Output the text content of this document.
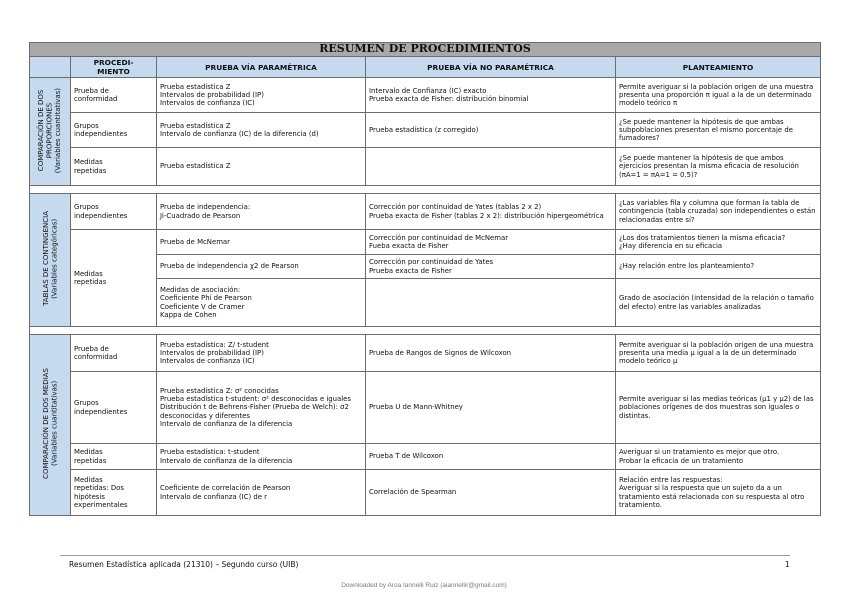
RESUMEN DE PROCEDIMIENTOS				
	PROCEDI-
MIENTO	PRUEBA VÍA PARAMÉTRICA	PRUEBA VÍA NO PARAMÉTRICA	PLANTEAMIENTO
COMPARACIÓN DE DOS
PROPORCIONES
(Variables cuantitativas)	Prueba de
conformidad	Prueba estadística Z
Intervalos de probabilidad (IP)
Intervalos de confianza (IC)	Intervalo de Confianza (IC) exacto
Prueba exacta de Fisher: distribución binomial	Permite averiguar si la población origen de una muestra presenta una proporción π igual a la de un determinado modelo teórico π
	Grupos
independientes	Prueba estadística Z
Intervalo de confianza (IC) de la diferencia (d)	Prueba estadística (z corregido)	¿Se puede mantener la hipótesis de que ambas subpoblaciones presentan el mismo porcentaje de fumadores?
	Medidas
repetidas	Prueba estadística Z		¿Se puede mantener la hipótesis de que ambos ejercicios presentan la misma eficacia de resolución (πA=1 = πA=1 = 0.5)?

TABLAS DE CONTINGENCIA
(Variables categóricas)	Grupos
independientes	Prueba de independencia:
Ji-Cuadrado de Pearson	Corrección por continuidad de Yates (tablas 2 x 2)
Prueba exacta de Fisher (tablas 2 x 2): distribución hipergeométrica	¿Las variables fila y columna que forman la tabla de contingencia (tabla cruzada) son independientes o están relacionadas entre sí?
	Medidas
repetidas	Prueba de McNemar	Corrección por continuidad de McNemar
Fueba exacta de Fisher	¿Los dos tratamientos tienen la misma eficacia?
¿Hay diferencia en su eficacia
		Prueba de independencia χ2 de Pearson	Corrección por continuidad de Yates
Prueba exacta de Fisher	¿Hay relación entre los planteamiento?
		Medidas de asociación:
Coeficiente Phi de Pearson
Coeficiente V de Cramer
Kappa de Cohen		Grado de asociación (intensidad de la relación o tamaño del efecto) entre las variables analizadas

COMPARACIÓN DE DOS MEDIAS
(Variables cuantitativas)	Prueba de
conformidad	Prueba estadística: Z/ t-student
Intervalos de probabilidad (IP)
Intervalos de confianza (IC)	Prueba de Rangos de Signos de Wilcoxon	Permite averiguar si la población origen de una muestra presenta una media μ igual a la de un determinado modelo teórico μ
	Grupos
independientes	Prueba estadística Z: σ² conocidas
Prueba estadística t-student: σ² desconocidas e iguales
Distribución t de Behrens-Fisher (Prueba de Welch): σ2 desconocidas y diferentes
Intervalo de confianza de la diferencia	Prueba U de Mann-Whitney	Permite averiguar si las medias teóricas (μ1 y μ2) de las poblaciones orígenes de dos muestras son iguales o distintas.
	Medidas
repetidas	Prueba estadística: t-student
Intervalo de confianza de la diferencia	Prueba T de Wilcoxon	Averiguar si un tratamiento es mejor que otro.
Probar la eficacia de un tratamiento
	Medidas
repetidas: Dos
hipótesis
experimentales	Coeficiente de correlación de Pearson
Intervalo de confianza (IC) de r	Correlación de Spearman	Relación entre las respuestas:
Averiguar si la respuesta que un sujeto da a un tratamiento está relacionada con su respuesta al otro tratamiento.
Resumen Estadística aplicada (21310) – Segundo curso (UIB)	1
Downloaded by Aroa Iannelli Ruiz (aiannellir@gmail.com)
